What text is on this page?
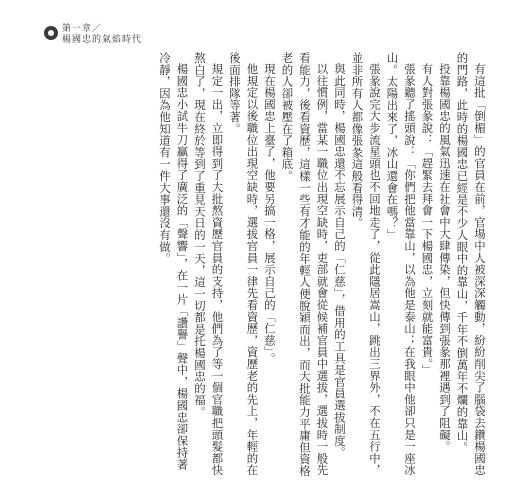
第一章／
楊國忠的氣焰時代

有這批「倒楣」的官員在前，官場中人被深深觸動，紛紛削尖了腦袋去鑽楊國忠的門路，此時的楊國忠已經是不少人眼中的靠山，千年不倒萬年不爛的靠山。

投靠楊國忠的風氣迅速在社會中大肆傳染，但快傳到張彖那裡遇到了阻礙。

有人對張彖說：「趕緊去拜會一下楊國忠，立刻就能富貴。」

張彖聽了搖頭說：「你們把他當靠山，以為他是泰山；在我眼中他卻只是一座冰山。太陽出來了，冰山還會在嗎？」

張彖說完大步流星頭也不回地走了，從此隱居嵩山，跳出三界外，不在五行中，並非所有人都像張彖這般看得清。

與此同時，楊國忠還不忘展示自己的「仁慈」，借用的工具是官員選拔制度。

以往慣例，當某一職位出現空缺時，吏部就會從候補官員中選拔，選拔時一般先看能力，後看資歷，這樣一些有才能的年輕人便脫穎而出，而大批能力平庸但資格老的人卻被壓在了箱底。

現在楊國忠上臺了，他要另搞一格，展示自己的「仁慈」。

他規定以後職位出現空缺時，選拔官員一律先看資歷，資歷老的先上，年輕的在後面排隊等著。

規定一出，立即得到了大批熬資歷官員的支持，他們為了等一個官職把頭髮都快熬白了，現在終於等到了重見天日的一天，這一切都是托楊國忠的福。

楊國忠小試牛刀贏得了廣泛的「聲響」，在一片「讚譽」聲中，楊國忠卻保持著冷靜，因為他知道有一件大事還沒有做。
